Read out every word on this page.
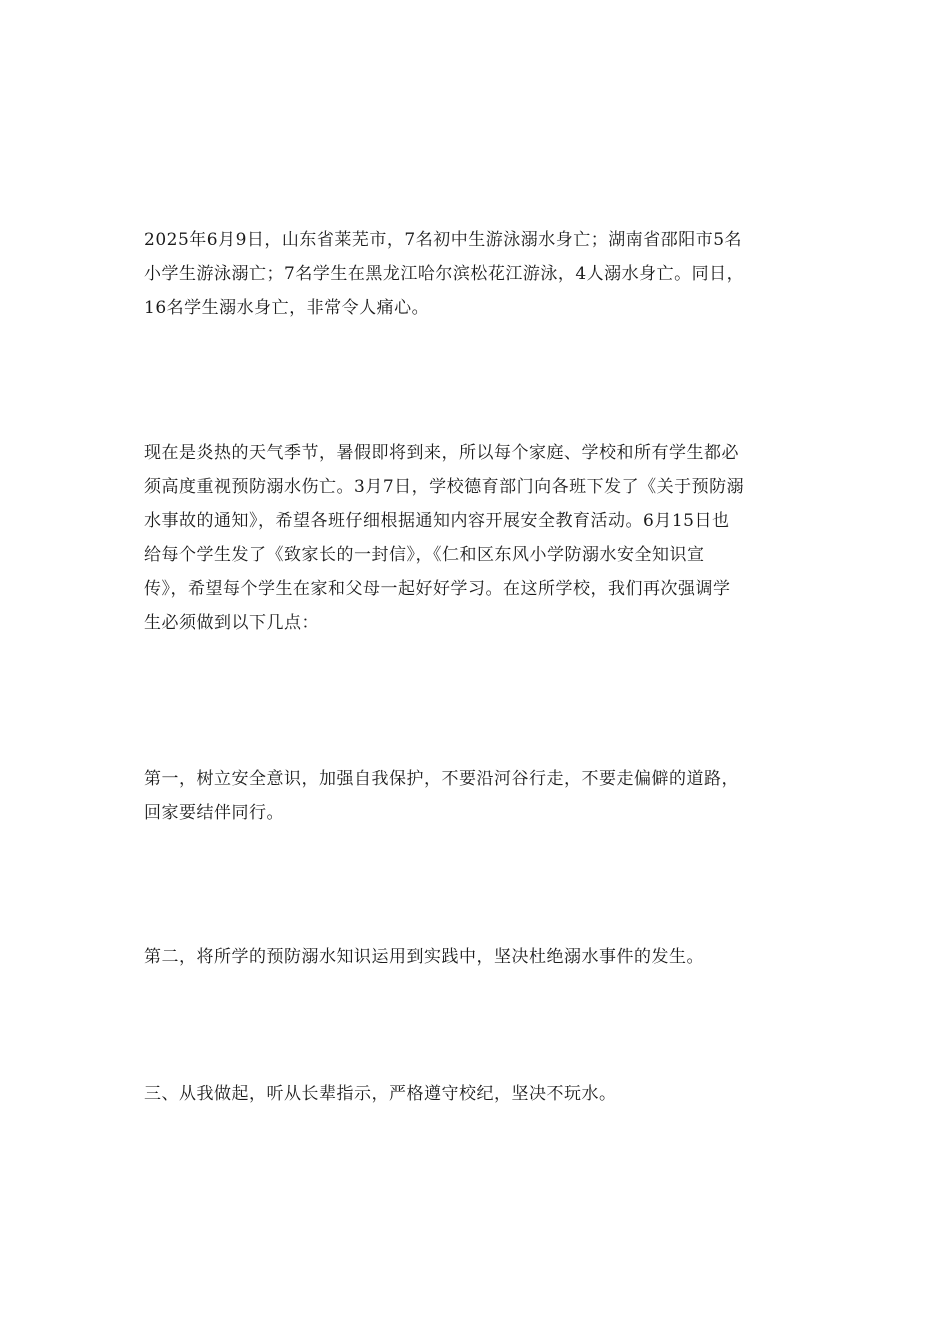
2025年6月9日，山东省莱芜市，7名初中生游泳溺水身亡；湖南省邵阳市5名
小学生游泳溺亡；7名学生在黑龙江哈尔滨松花江游泳，4人溺水身亡。同日，
16名学生溺水身亡，非常令人痛心。

现在是炎热的天气季节，暑假即将到来，所以每个家庭、学校和所有学生都必
须高度重视预防溺水伤亡。3月7日，学校德育部门向各班下发了《关于预防溺
水事故的通知》，希望各班仔细根据通知内容开展安全教育活动。6月15日也
给每个学生发了《致家长的一封信》，《仁和区东风小学防溺水安全知识宣
传》，希望每个学生在家和父母一起好好学习。在这所学校，我们再次强调学
生必须做到以下几点：

第一，树立安全意识，加强自我保护，不要沿河谷行走，不要走偏僻的道路，
回家要结伴同行。

第二，将所学的预防溺水知识运用到实践中，坚决杜绝溺水事件的发生。

三、从我做起，听从长辈指示，严格遵守校纪，坚决不玩水。
